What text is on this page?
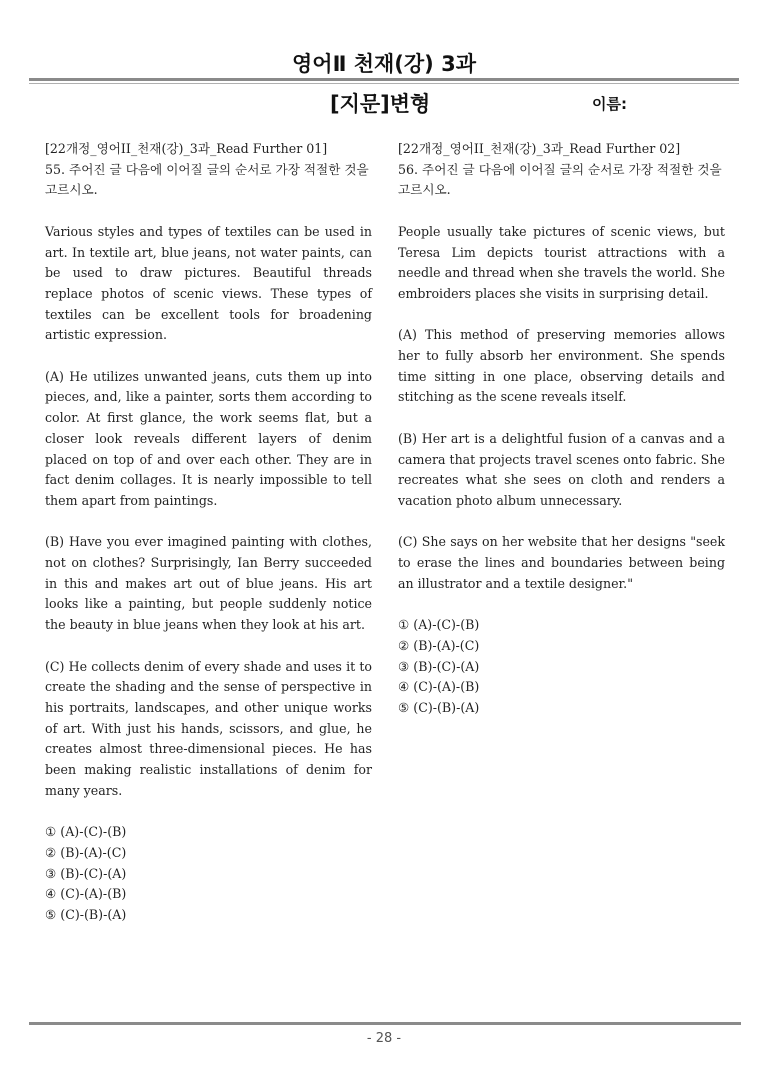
영어Ⅱ 천재(강) 3과
[지문]변형	이름:
[22개정_영어II_천재(강)_3과_Read Further 01]
55. 주어진 글 다음에 이어질 글의 순서로 가장 적절한 것을 고르시오.

Various styles and types of textiles can be used in art. In textile art, blue jeans, not water paints, can be used to draw pictures. Beautiful threads replace photos of scenic views. These types of textiles can be excellent tools for broadening artistic expression.

(A) He utilizes unwanted jeans, cuts them up into pieces, and, like a painter, sorts them according to color. At first glance, the work seems flat, but a closer look reveals different layers of denim placed on top of and over each other. They are in fact denim collages. It is nearly impossible to tell them apart from paintings.

(B) Have you ever imagined painting with clothes, not on clothes? Surprisingly, Ian Berry succeeded in this and makes art out of blue jeans. His art looks like a painting, but people suddenly notice the beauty in blue jeans when they look at his art.

(C) He collects denim of every shade and uses it to create the shading and the sense of perspective in his portraits, landscapes, and other unique works of art. With just his hands, scissors, and glue, he creates almost three-dimensional pieces. He has been making realistic installations of denim for many years.

① (A)-(C)-(B)
② (B)-(A)-(C)
③ (B)-(C)-(A)
④ (C)-(A)-(B)
⑤ (C)-(B)-(A)
[22개정_영어II_천재(강)_3과_Read Further 02]
56. 주어진 글 다음에 이어질 글의 순서로 가장 적절한 것을 고르시오.

People usually take pictures of scenic views, but Teresa Lim depicts tourist attractions with a needle and thread when she travels the world. She embroiders places she visits in surprising detail.

(A) This method of preserving memories allows her to fully absorb her environment. She spends time sitting in one place, observing details and stitching as the scene reveals itself.

(B) Her art is a delightful fusion of a canvas and a camera that projects travel scenes onto fabric. She recreates what she sees on cloth and renders a vacation photo album unnecessary.

(C) She says on her website that her designs "seek to erase the lines and boundaries between being an illustrator and a textile designer."

① (A)-(C)-(B)
② (B)-(A)-(C)
③ (B)-(C)-(A)
④ (C)-(A)-(B)
⑤ (C)-(B)-(A)
- 28 -
